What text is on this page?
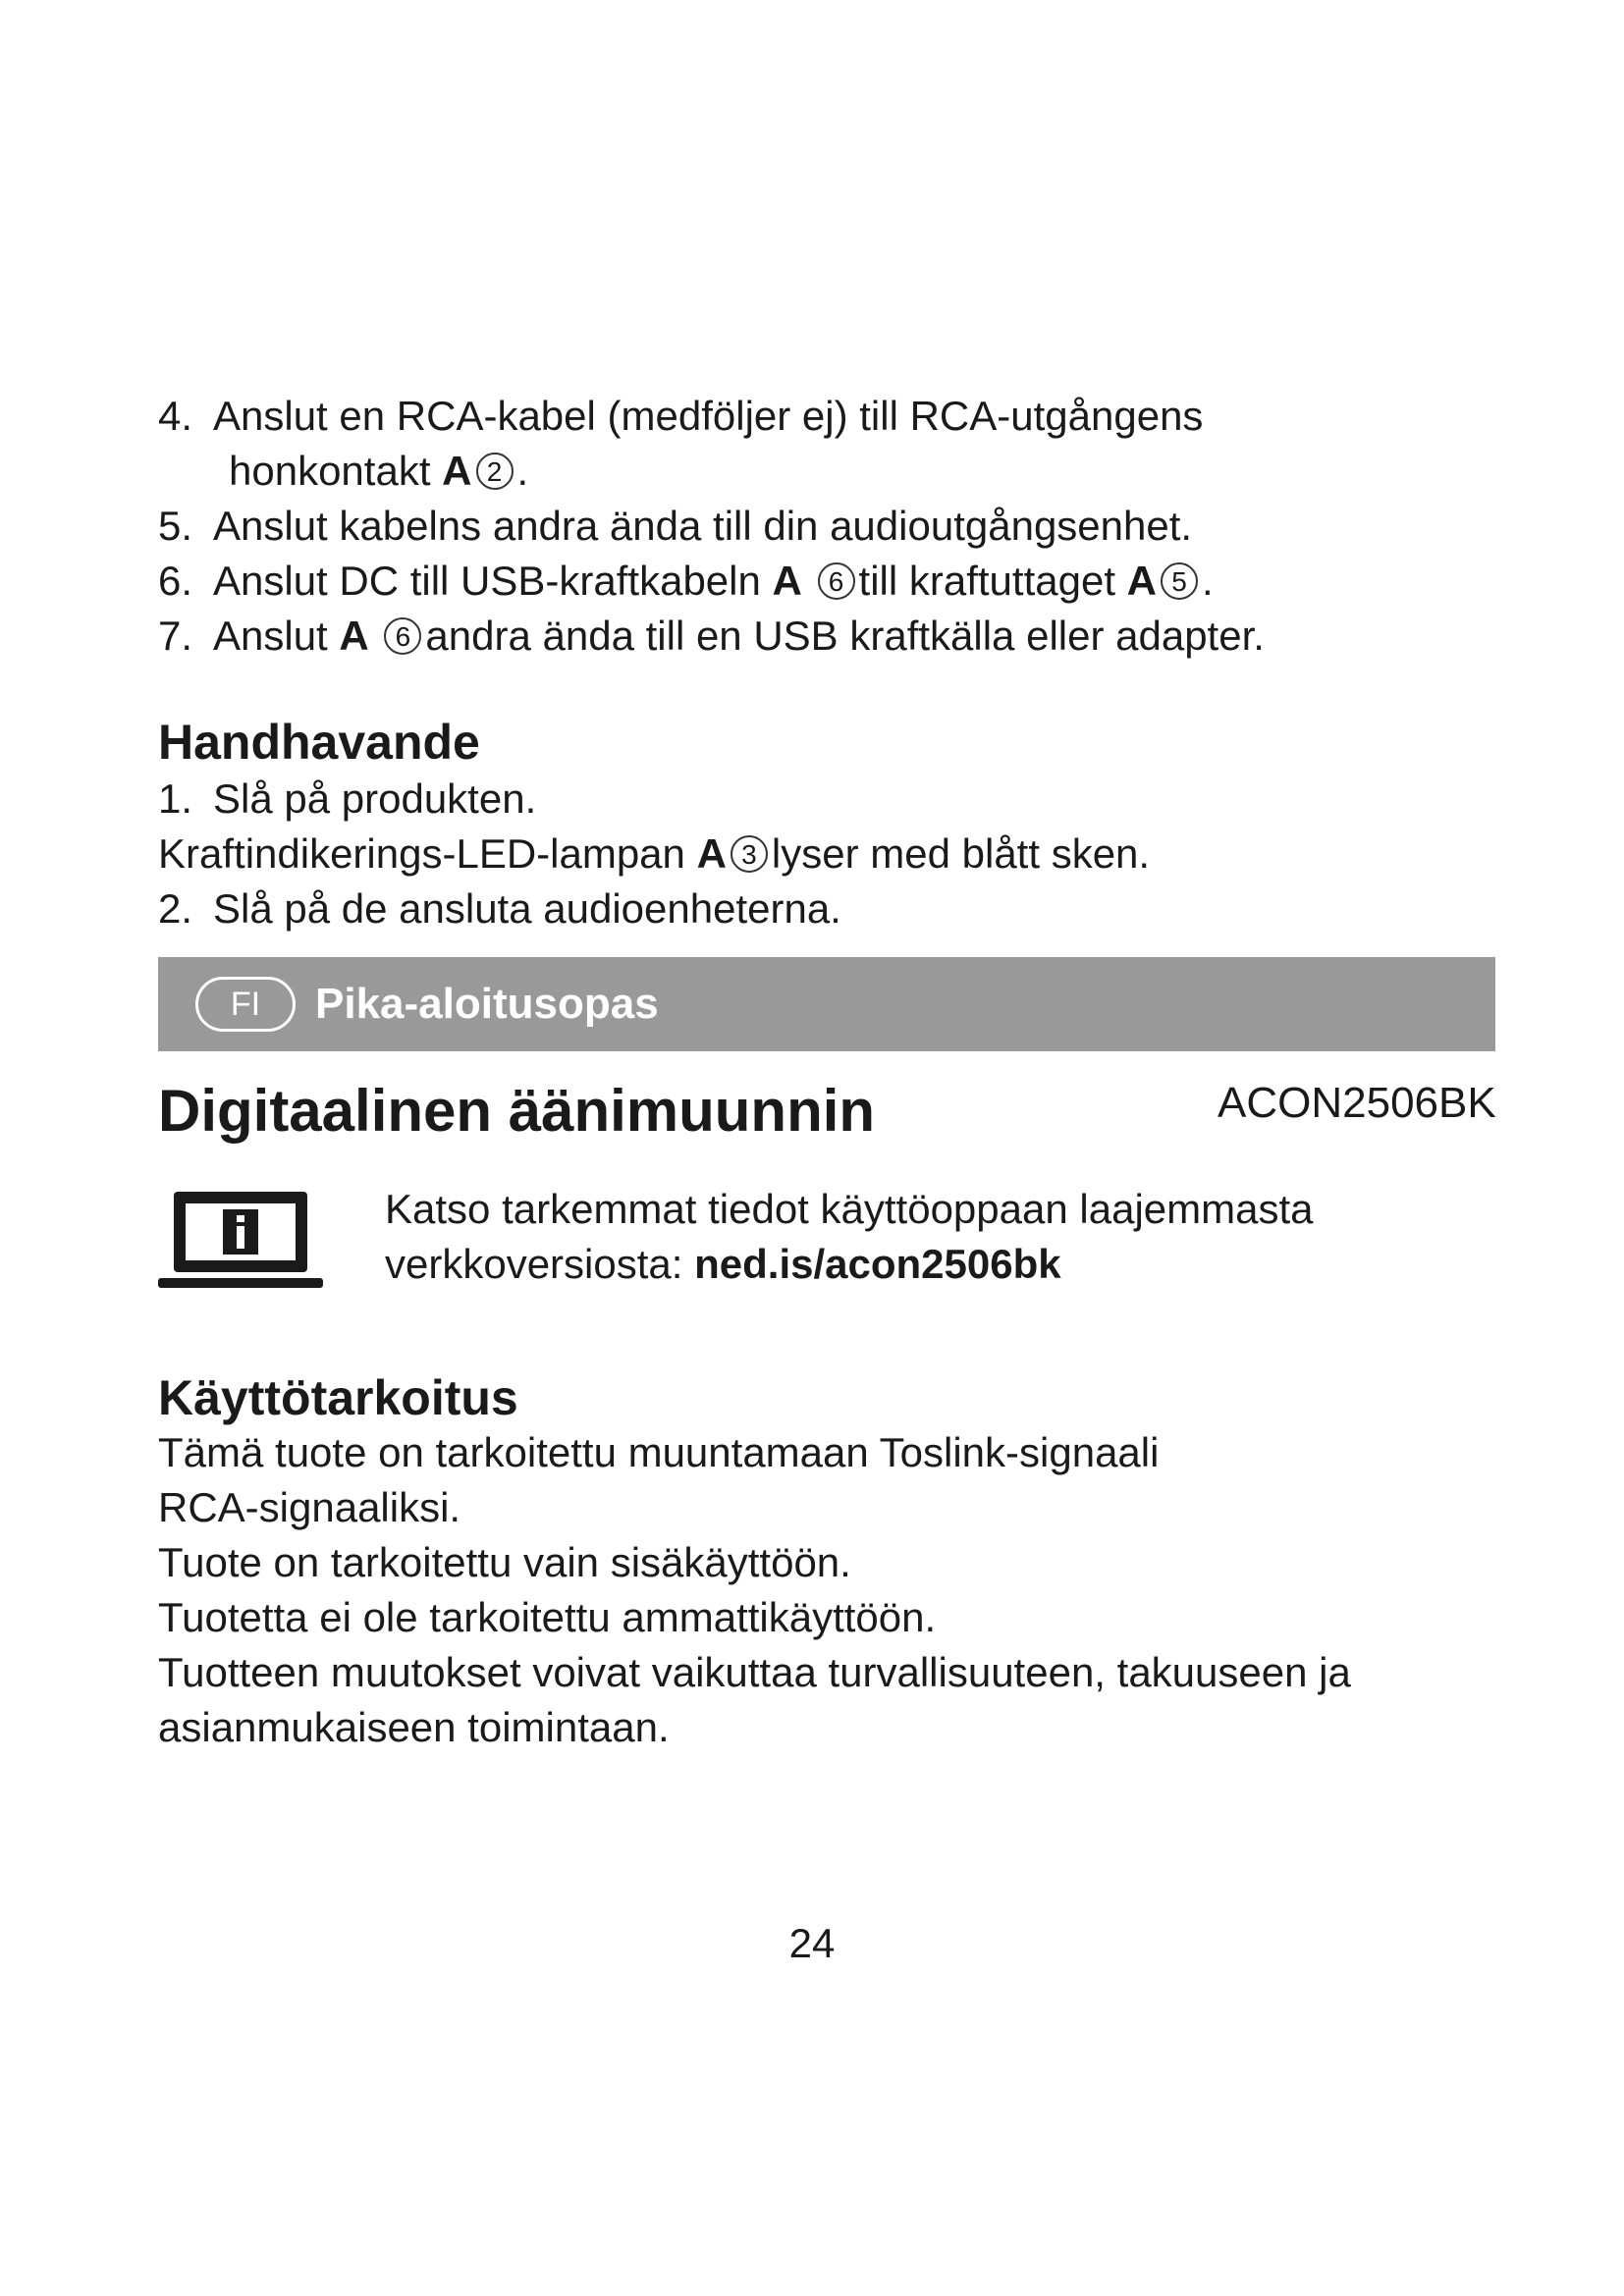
4. Anslut en RCA-kabel (medföljer ej) till RCA-utgångens
honkontakt A 2 .
5. Anslut kabelns andra ända till din audioutgångsenhet.
6. Anslut DC till USB-kraftkabeln A 6 till kraftuttaget A 5 .
7. Anslut A 6 andra ända till en USB kraftkälla eller adapter.
Handhavande
1. Slå på produkten.
Kraftindikerings-LED-lampan A 3 lyser med blått sken.
2. Slå på de ansluta audioenheterna.
FI	Pika-aloitusopas
Digitaalinen äänimuunnin	ACON2506BK
Katso tarkemmat tiedot käyttöoppaan laajemmasta
verkkoversiosta: ned.is/acon2506bk
Käyttötarkoitus
Tämä tuote on tarkoitettu muuntamaan Toslink-signaali
RCA-signaaliksi.
Tuote on tarkoitettu vain sisäkäyttöön.
Tuotetta ei ole tarkoitettu ammattikäyttöön.
Tuotteen muutokset voivat vaikuttaa turvallisuuteen, takuuseen ja
asianmukaiseen toimintaan.
24
